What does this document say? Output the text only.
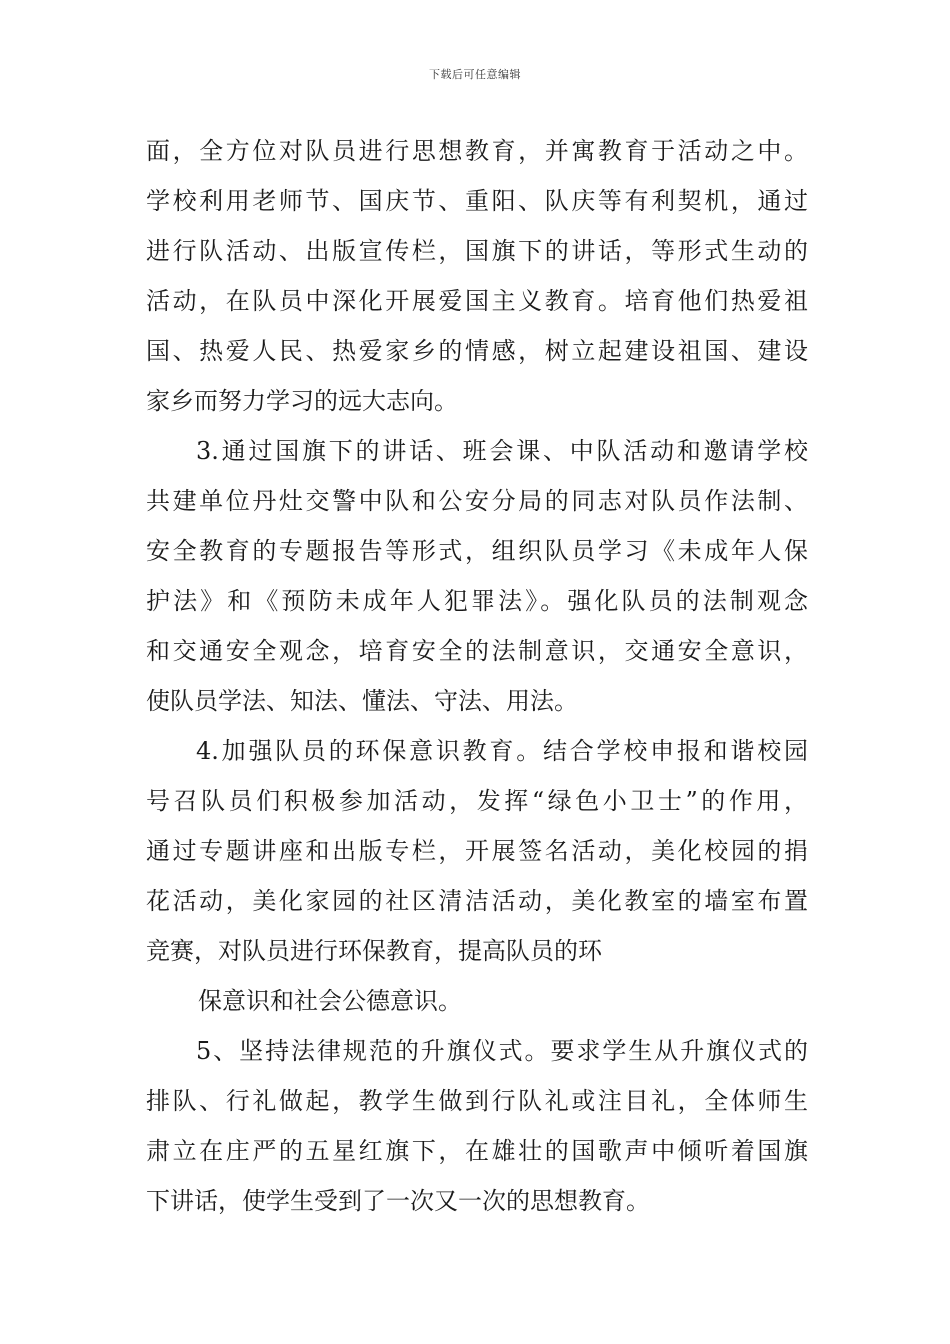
下载后可任意编辑
面，全方位对队员进行思想教育，并寓教育于活动之中。
学校利用老师节、国庆节、重阳、队庆等有利契机，通过
进行队活动、出版宣传栏，国旗下的讲话，等形式生动的
活动，在队员中深化开展爱国主义教育。培育他们热爱祖
国、热爱人民、热爱家乡的情感，树立起建设祖国、建设
家乡而努力学习的远大志向。
3.通过国旗下的讲话、班会课、中队活动和邀请学校
共建单位丹灶交警中队和公安分局的同志对队员作法制、
安全教育的专题报告等形式，组织队员学习《未成年人保
护法》和《预防未成年人犯罪法》。强化队员的法制观念
和交通安全观念，培育安全的法制意识，交通安全意识，
使队员学法、知法、懂法、守法、用法。
4.加强队员的环保意识教育。结合学校申报和谐校园
号召队员们积极参加活动，发挥“绿色小卫士”的作用，
通过专题讲座和出版专栏，开展签名活动，美化校园的捐
花活动，美化家园的社区清洁活动，美化教室的墙室布置
竞赛，对队员进行环保教育，提高队员的环
保意识和社会公德意识。
5、坚持法律规范的升旗仪式。要求学生从升旗仪式的
排队、行礼做起，教学生做到行队礼或注目礼，全体师生
肃立在庄严的五星红旗下，在雄壮的国歌声中倾听着国旗
下讲话，使学生受到了一次又一次的思想教育。
